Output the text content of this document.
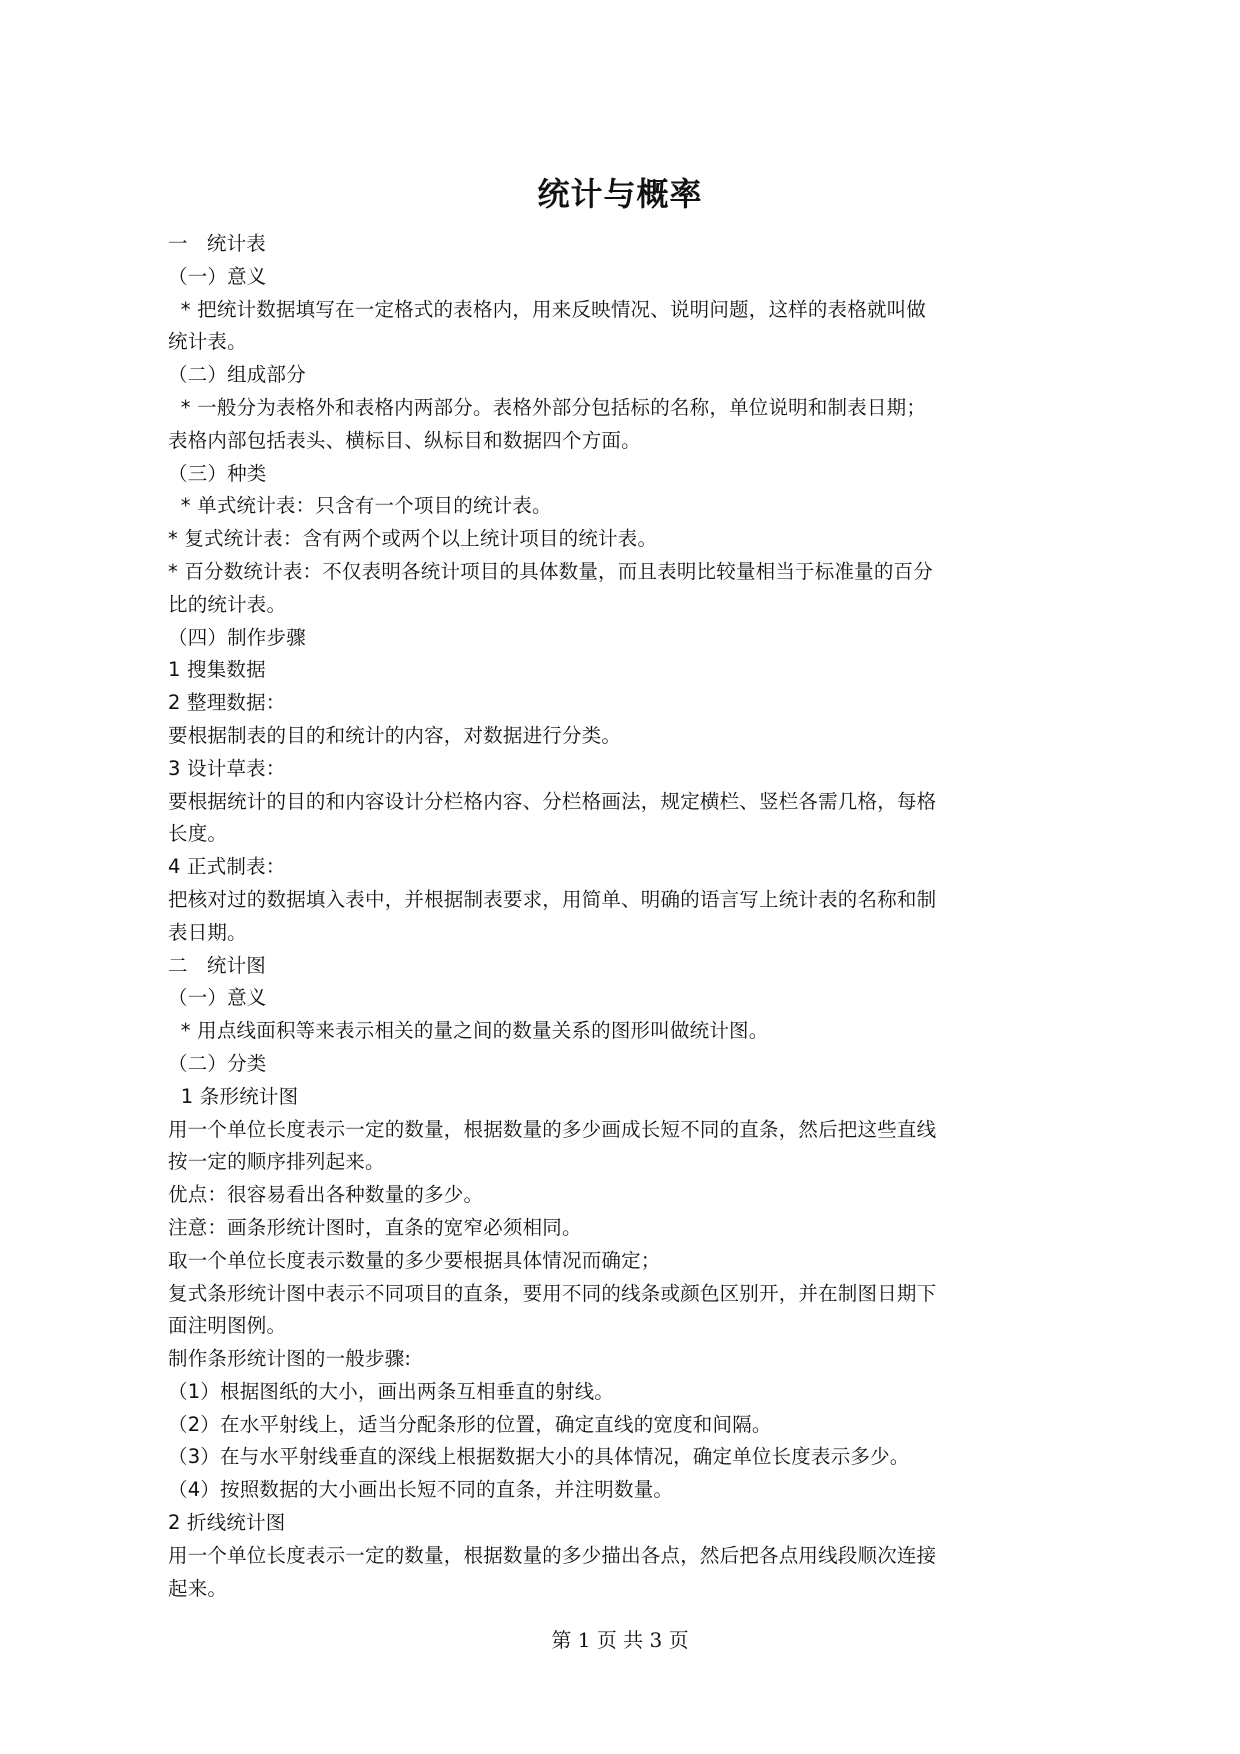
统计与概率
一   统计表
（一）意义
* 把统计数据填写在一定格式的表格内，用来反映情况、说明问题，这样的表格就叫做
统计表。
（二）组成部分
* 一般分为表格外和表格内两部分。表格外部分包括标的名称，单位说明和制表日期；
表格内部包括表头、横标目、纵标目和数据四个方面。
（三）种类
* 单式统计表：只含有一个项目的统计表。
* 复式统计表：含有两个或两个以上统计项目的统计表。
* 百分数统计表：不仅表明各统计项目的具体数量，而且表明比较量相当于标准量的百分
比的统计表。
（四）制作步骤
1 搜集数据
2 整理数据：
要根据制表的目的和统计的内容，对数据进行分类。
3 设计草表：
要根据统计的目的和内容设计分栏格内容、分栏格画法，规定横栏、竖栏各需几格，每格
长度。
4 正式制表：
把核对过的数据填入表中，并根据制表要求，用简单、明确的语言写上统计表的名称和制
表日期。
二   统计图
（一）意义
* 用点线面积等来表示相关的量之间的数量关系的图形叫做统计图。
（二）分类
1 条形统计图
用一个单位长度表示一定的数量，根据数量的多少画成长短不同的直条，然后把这些直线
按一定的顺序排列起来。
优点：很容易看出各种数量的多少。
注意：画条形统计图时，直条的宽窄必须相同。
取一个单位长度表示数量的多少要根据具体情况而确定；
复式条形统计图中表示不同项目的直条，要用不同的线条或颜色区别开，并在制图日期下
面注明图例。
制作条形统计图的一般步骤:
（1）根据图纸的大小，画出两条互相垂直的射线。
（2）在水平射线上，适当分配条形的位置，确定直线的宽度和间隔。
（3）在与水平射线垂直的深线上根据数据大小的具体情况，确定单位长度表示多少。
（4）按照数据的大小画出长短不同的直条，并注明数量。
2 折线统计图
用一个单位长度表示一定的数量，根据数量的多少描出各点，然后把各点用线段顺次连接
起来。
第 1 页 共 3 页
